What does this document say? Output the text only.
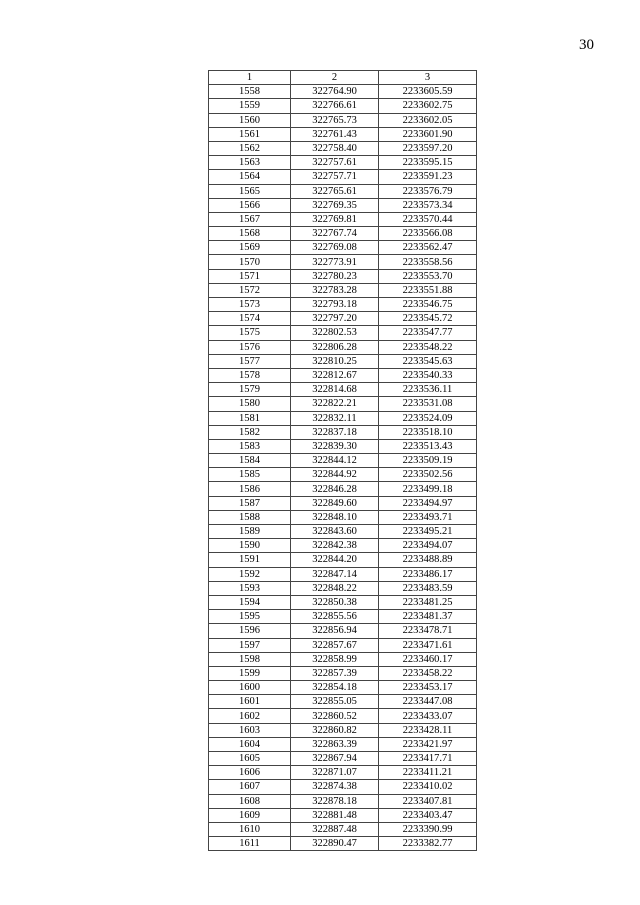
30
1	2	3
1558	322764.90	2233605.59
1559	322766.61	2233602.75
1560	322765.73	2233602.05
1561	322761.43	2233601.90
1562	322758.40	2233597.20
1563	322757.61	2233595.15
1564	322757.71	2233591.23
1565	322765.61	2233576.79
1566	322769.35	2233573.34
1567	322769.81	2233570.44
1568	322767.74	2233566.08
1569	322769.08	2233562.47
1570	322773.91	2233558.56
1571	322780.23	2233553.70
1572	322783.28	2233551.88
1573	322793.18	2233546.75
1574	322797.20	2233545.72
1575	322802.53	2233547.77
1576	322806.28	2233548.22
1577	322810.25	2233545.63
1578	322812.67	2233540.33
1579	322814.68	2233536.11
1580	322822.21	2233531.08
1581	322832.11	2233524.09
1582	322837.18	2233518.10
1583	322839.30	2233513.43
1584	322844.12	2233509.19
1585	322844.92	2233502.56
1586	322846.28	2233499.18
1587	322849.60	2233494.97
1588	322848.10	2233493.71
1589	322843.60	2233495.21
1590	322842.38	2233494.07
1591	322844.20	2233488.89
1592	322847.14	2233486.17
1593	322848.22	2233483.59
1594	322850.38	2233481.25
1595	322855.56	2233481.37
1596	322856.94	2233478.71
1597	322857.67	2233471.61
1598	322858.99	2233460.17
1599	322857.39	2233458.22
1600	322854.18	2233453.17
1601	322855.05	2233447.08
1602	322860.52	2233433.07
1603	322860.82	2233428.11
1604	322863.39	2233421.97
1605	322867.94	2233417.71
1606	322871.07	2233411.21
1607	322874.38	2233410.02
1608	322878.18	2233407.81
1609	322881.48	2233403.47
1610	322887.48	2233390.99
1611	322890.47	2233382.77
